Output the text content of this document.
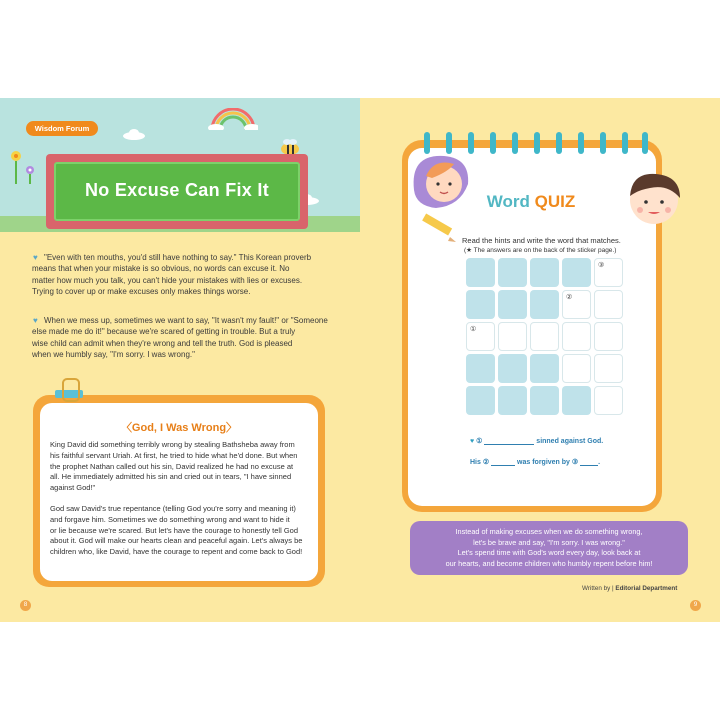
Wisdom Forum
No Excuse Can Fix It
♥ "Even with ten mouths, you'd still have nothing to say." This Korean proverb
means that when your mistake is so obvious, no words can excuse it. No
matter how much you talk, you can't hide your mistakes with lies or excuses.
Trying to cover up or make excuses only makes things worse.
♥ When we mess up, sometimes we want to say, "It wasn't my fault!" or "Someone
else made me do it!" because we're scared of getting in trouble. But a truly
wise child can admit when they're wrong and tell the truth. God is pleased
when we humbly say, "I'm sorry. I was wrong."
〈God, I Was Wrong〉
King David did something terribly wrong by stealing Bathsheba away from
his faithful servant Uriah. At first, he tried to hide what he'd done. But when
the prophet Nathan called out his sin, David realized he had no excuse at
all. He immediately admitted his sin and cried out in tears, "I have sinned
against God!"
God saw David's true repentance (telling God you're sorry and meaning it)
and forgave him. Sometimes we do something wrong and want to hide it
or lie because we're scared. But let's have the courage to honestly tell God
about it. God will make our hearts clean and peaceful again. Let's always be
children who, like David, have the courage to repent and come back to God!
8
Word QUIZ
Read the hints and write the word that matches.
(★ The answers are on the back of the sticker page.)
③
②
①
♥ ①	sinned against God.
His ②	was forgiven by ③	.
Instead of making excuses when we do something wrong,
let's be brave and say, "I'm sorry. I was wrong."
Let's spend time with God's word every day, look back at
our hearts, and become children who humbly repent before him!
Written by | Editorial Department
9
